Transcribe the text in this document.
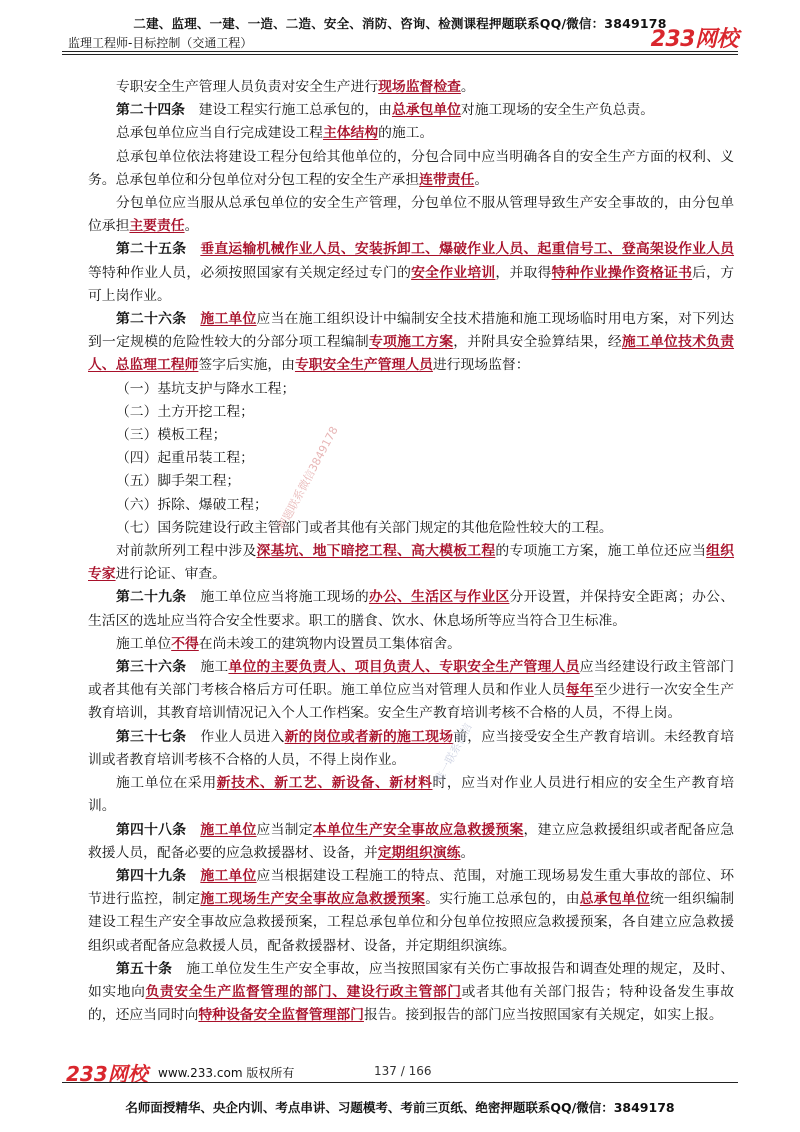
二建、监理、一建、一造、二造、安全、消防、咨询、检测课程押题联系QQ/微信：3849178
监理工程师-目标控制（交通工程）	233网校

专职安全生产管理人员负责对安全生产进行现场监督检查。

第二十四条　建设工程实行施工总承包的，由总承包单位对施工现场的安全生产负总责。

总承包单位应当自行完成建设工程主体结构的施工。

总承包单位依法将建设工程分包给其他单位的，分包合同中应当明确各自的安全生产方面的权利、义务。总承包单位和分包单位对分包工程的安全生产承担连带责任。

分包单位应当服从总承包单位的安全生产管理，分包单位不服从管理导致生产安全事故的，由分包单位承担主要责任。

第二十五条　 垂直运输机械作业人员、安装拆卸工、爆破作业人员、起重信号工、登高架设作业人员等特种作业人员，必须按照国家有关规定经过专门的安全作业培训，并取得特种作业操作资格证书后，方可上岗作业。

第二十六条　 施工单位应当在施工组织设计中编制安全技术措施和施工现场临时用电方案，对下列达到一定规模的危险性较大的分部分项工程编制专项施工方案，并附具安全验算结果，经施工单位技术负责人、总监理工程师签字后实施，由专职安全生产管理人员进行现场监督：

（一）基坑支护与降水工程；
（二）土方开挖工程；
（三）模板工程；
（四）起重吊装工程；
（五）脚手架工程；
（六）拆除、爆破工程；
（七）国务院建设行政主管部门或者其他有关部门规定的其他危险性较大的工程。

对前款所列工程中涉及深基坑、地下暗挖工程、高大模板工程的专项施工方案，施工单位还应当组织专家进行论证、审查。

第二十九条　施工单位应当将施工现场的办公、生活区与作业区分开设置，并保持安全距离；办公、生活区的选址应当符合安全性要求。职工的膳食、饮水、休息场所等应当符合卫生标准。

施工单位不得在尚未竣工的建筑物内设置员工集体宿舍。

第三十六条　施工单位的主要负责人、项目负责人、专职安全生产管理人员应当经建设行政主管部门或者其他有关部门考核合格后方可任职。施工单位应当对管理人员和作业人员每年至少进行一次安全生产教育培训，其教育培训情况记入个人工作档案。安全生产教育培训考核不合格的人员，不得上岗。

第三十七条　作业人员进入新的岗位或者新的施工现场前，应当接受安全生产教育培训。未经教育培训或者教育培训考核不合格的人员，不得上岗作业。

施工单位在采用新技术、新工艺、新设备、新材料时，应当对作业人员进行相应的安全生产教育培训。

第四十八条　 施工单位应当制定本单位生产安全事故应急救援预案，建立应急救援组织或者配备应急救援人员，配备必要的应急救援器材、设备，并定期组织演练。

第四十九条　 施工单位应当根据建设工程施工的特点、范围，对施工现场易发生重大事故的部位、环节进行监控，制定施工现场生产安全事故应急救援预案。实行施工总承包的，由总承包单位统一组织编制建设工程生产安全事故应急救援预案，工程总承包单位和分包单位按照应急救援预案，各自建立应急救援组织或者配备应急救援人员，配备救援器材、设备，并定期组织演练。

第五十条　施工单位发生生产安全事故，应当按照国家有关伤亡事故报告和调查处理的规定，及时、如实地向负责安全生产监督管理的部门、建设行政主管部门或者其他有关部门报告；特种设备发生事故的，还应当同时向特种设备安全监督管理部门报告。接到报告的部门应当按照国家有关规定，如实上报。

押题联系微信3849178
唯一联系微信
233网校 www.233.com 版权所有	137 / 166
名师面授精华、央企内训、考点串讲、习题模考、考前三页纸、绝密押题联系QQ/微信：3849178
